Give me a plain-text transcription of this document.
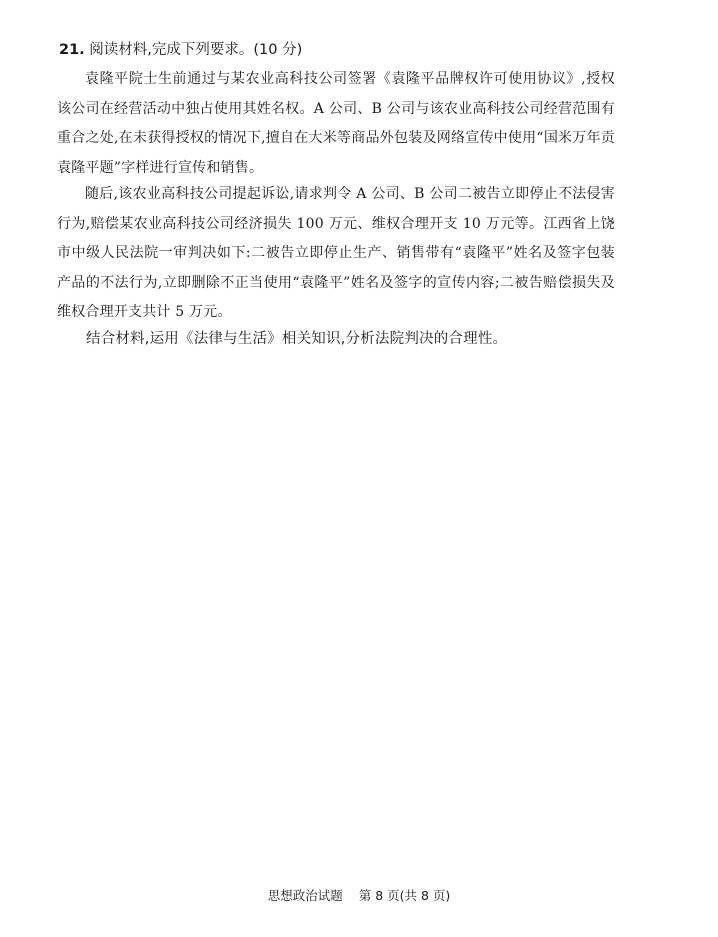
21. 阅读材料,完成下列要求。(10 分)

袁隆平院士生前通过与某农业高科技公司签署《袁隆平品牌权许可使用协议》,授权该公司在经营活动中独占使用其姓名权。A 公司、B 公司与该农业高科技公司经营范围有重合之处,在未获得授权的情况下,擅自在大米等商品外包装及网络宣传中使用“国米万年贡 袁隆平题”字样进行宣传和销售。

随后,该农业高科技公司提起诉讼,请求判令 A 公司、B 公司二被告立即停止不法侵害行为,赔偿某农业高科技公司经济损失 100 万元、维权合理开支 10 万元等。江西省上饶市中级人民法院一审判决如下:二被告立即停止生产、销售带有“袁隆平”姓名及签字包装产品的不法行为,立即删除不正当使用“袁隆平”姓名及签字的宣传内容;二被告赔偿损失及维权合理开支共计 5 万元。

结合材料,运用《法律与生活》相关知识,分析法院判决的合理性。

思想政治试题 第 8 页(共 8 页)
